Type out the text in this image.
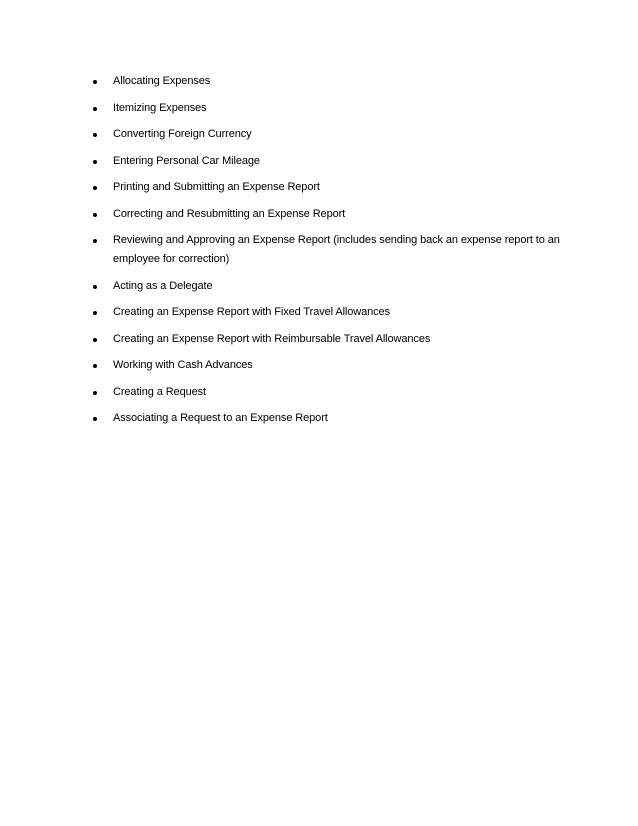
Allocating Expenses
Itemizing Expenses
Converting Foreign Currency
Entering Personal Car Mileage
Printing and Submitting an Expense Report
Correcting and Resubmitting an Expense Report
Reviewing and Approving an Expense Report (includes sending back an expense report to an employee for correction)
Acting as a Delegate
Creating an Expense Report with Fixed Travel Allowances
Creating an Expense Report with Reimbursable Travel Allowances
Working with Cash Advances
Creating a Request
Associating a Request to an Expense Report
